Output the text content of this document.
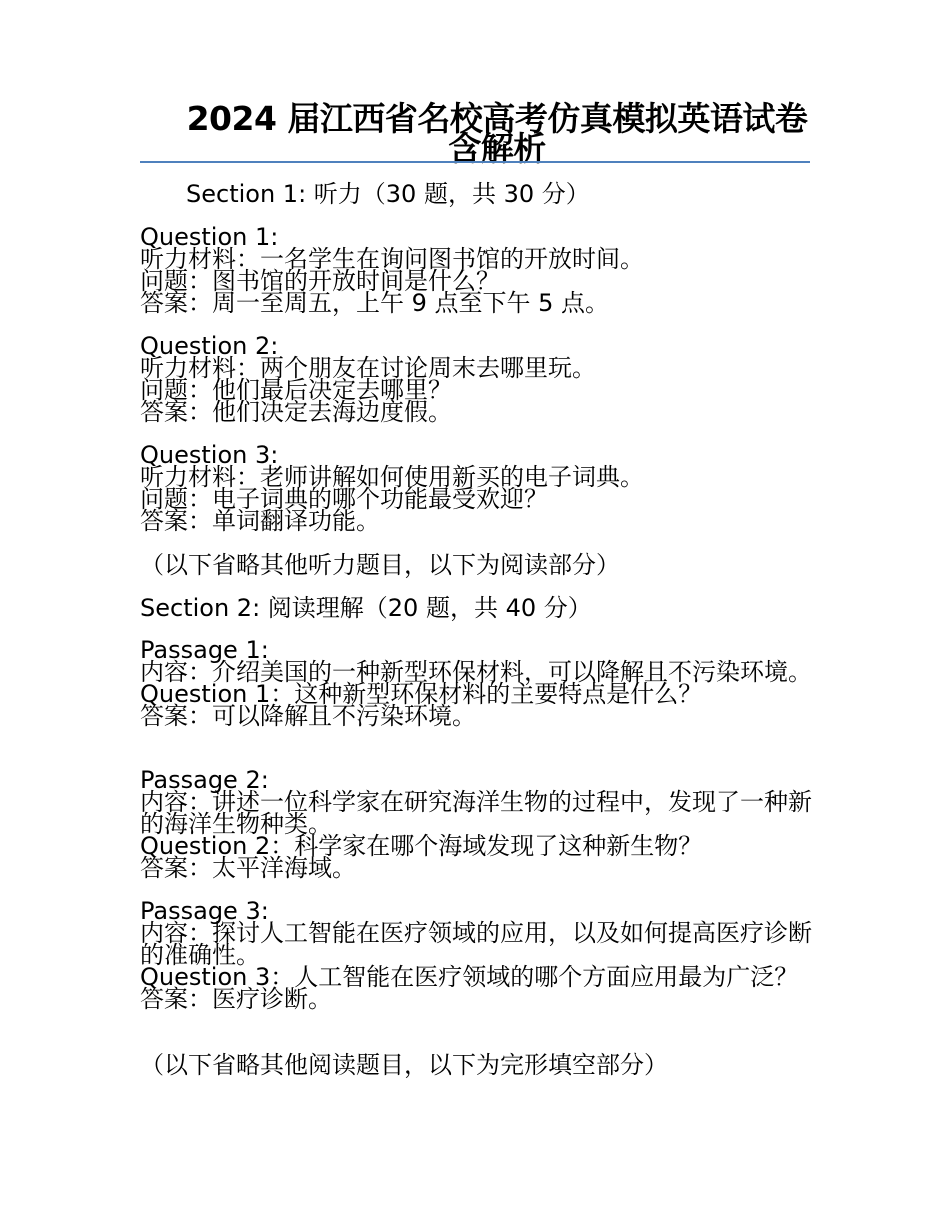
2024 届江西省名校高考仿真模拟英语试卷含解析

Section 1: 听力（30 题，共 30 分）

Question 1:

听力材料：一名学生在询问图书馆的开放时间。

问题：图书馆的开放时间是什么？

答案：周一至周五，上午 9 点至下午 5 点。

Question 2:

听力材料：两个朋友在讨论周末去哪里玩。

问题：他们最后决定去哪里？

答案：他们决定去海边度假。

Question 3:

听力材料：老师讲解如何使用新买的电子词典。

问题：电子词典的哪个功能最受欢迎？

答案：单词翻译功能。

（以下省略其他听力题目，以下为阅读部分）

Section 2: 阅读理解（20 题，共 40 分）

Passage 1:

内容：介绍美国的一种新型环保材料，可以降解且不污染环境。

Question 1：这种新型环保材料的主要特点是什么？

答案：可以降解且不污染环境。

Passage 2:

内容：讲述一位科学家在研究海洋生物的过程中，发现了一种新的海洋生物种类。

Question 2：科学家在哪个海域发现了这种新生物？

答案：太平洋海域。

Passage 3:

内容：探讨人工智能在医疗领域的应用，以及如何提高医疗诊断的准确性。

Question 3：人工智能在医疗领域的哪个方面应用最为广泛？

答案：医疗诊断。

（以下省略其他阅读题目，以下为完形填空部分）
